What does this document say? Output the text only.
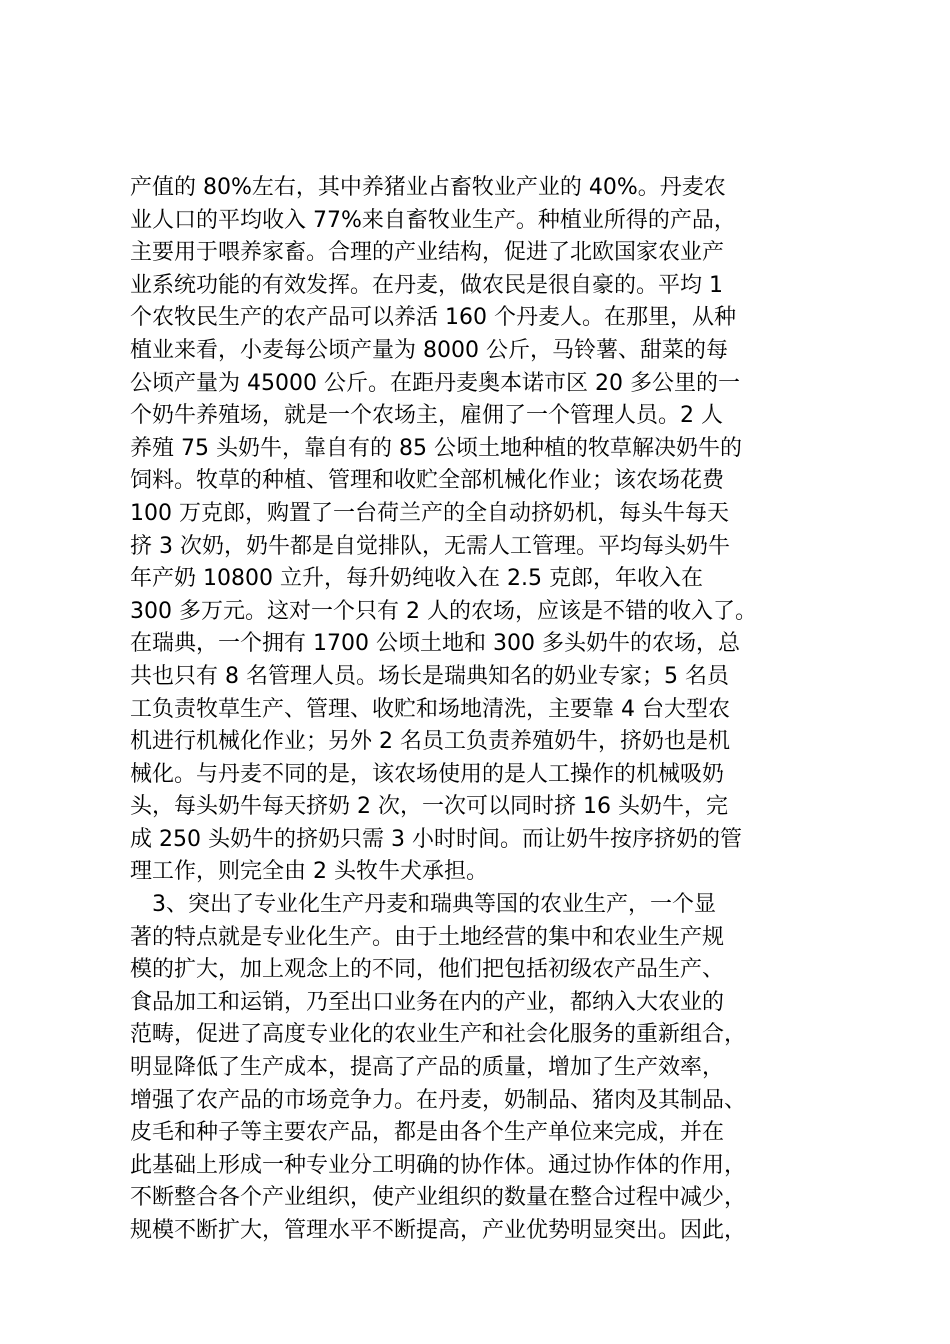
产值的 80%左右，其中养猪业占畜牧业产业的 40%。丹麦农
业人口的平均收入 77%来自畜牧业生产。种植业所得的产品，
主要用于喂养家畜。合理的产业结构，促进了北欧国家农业产
业系统功能的有效发挥。在丹麦，做农民是很自豪的。平均 1
个农牧民生产的农产品可以养活 160 个丹麦人。在那里，从种
植业来看，小麦每公顷产量为 8000 公斤，马铃薯、甜菜的每
公顷产量为 45000 公斤。在距丹麦奥本诺市区 20 多公里的一
个奶牛养殖场，就是一个农场主，雇佣了一个管理人员。2 人
养殖 75 头奶牛，靠自有的 85 公顷土地种植的牧草解决奶牛的
饲料。牧草的种植、管理和收贮全部机械化作业；该农场花费
100 万克郎，购置了一台荷兰产的全自动挤奶机，每头牛每天
挤 3 次奶，奶牛都是自觉排队，无需人工管理。平均每头奶牛
年产奶 10800 立升，每升奶纯收入在 2.5 克郎，年收入在
300 多万元。这对一个只有 2 人的农场，应该是不错的收入了。
在瑞典，一个拥有 1700 公顷土地和 300 多头奶牛的农场，总
共也只有 8 名管理人员。场长是瑞典知名的奶业专家；5 名员
工负责牧草生产、管理、收贮和场地清洗，主要靠 4 台大型农
机进行机械化作业；另外 2 名员工负责养殖奶牛，挤奶也是机
械化。与丹麦不同的是，该农场使用的是人工操作的机械吸奶
头，每头奶牛每天挤奶 2 次，一次可以同时挤 16 头奶牛，完
成 250 头奶牛的挤奶只需 3 小时时间。而让奶牛按序挤奶的管
理工作，则完全由 2 头牧牛犬承担。
3、突出了专业化生产丹麦和瑞典等国的农业生产，一个显
著的特点就是专业化生产。由于土地经营的集中和农业生产规
模的扩大，加上观念上的不同，他们把包括初级农产品生产、
食品加工和运销，乃至出口业务在内的产业，都纳入大农业的
范畴，促进了高度专业化的农业生产和社会化服务的重新组合，
明显降低了生产成本，提高了产品的质量，增加了生产效率，
增强了农产品的市场竞争力。在丹麦，奶制品、猪肉及其制品、
皮毛和种子等主要农产品，都是由各个生产单位来完成，并在
此基础上形成一种专业分工明确的协作体。通过协作体的作用，
不断整合各个产业组织，使产业组织的数量在整合过程中减少，
规模不断扩大，管理水平不断提高，产业优势明显突出。因此，
